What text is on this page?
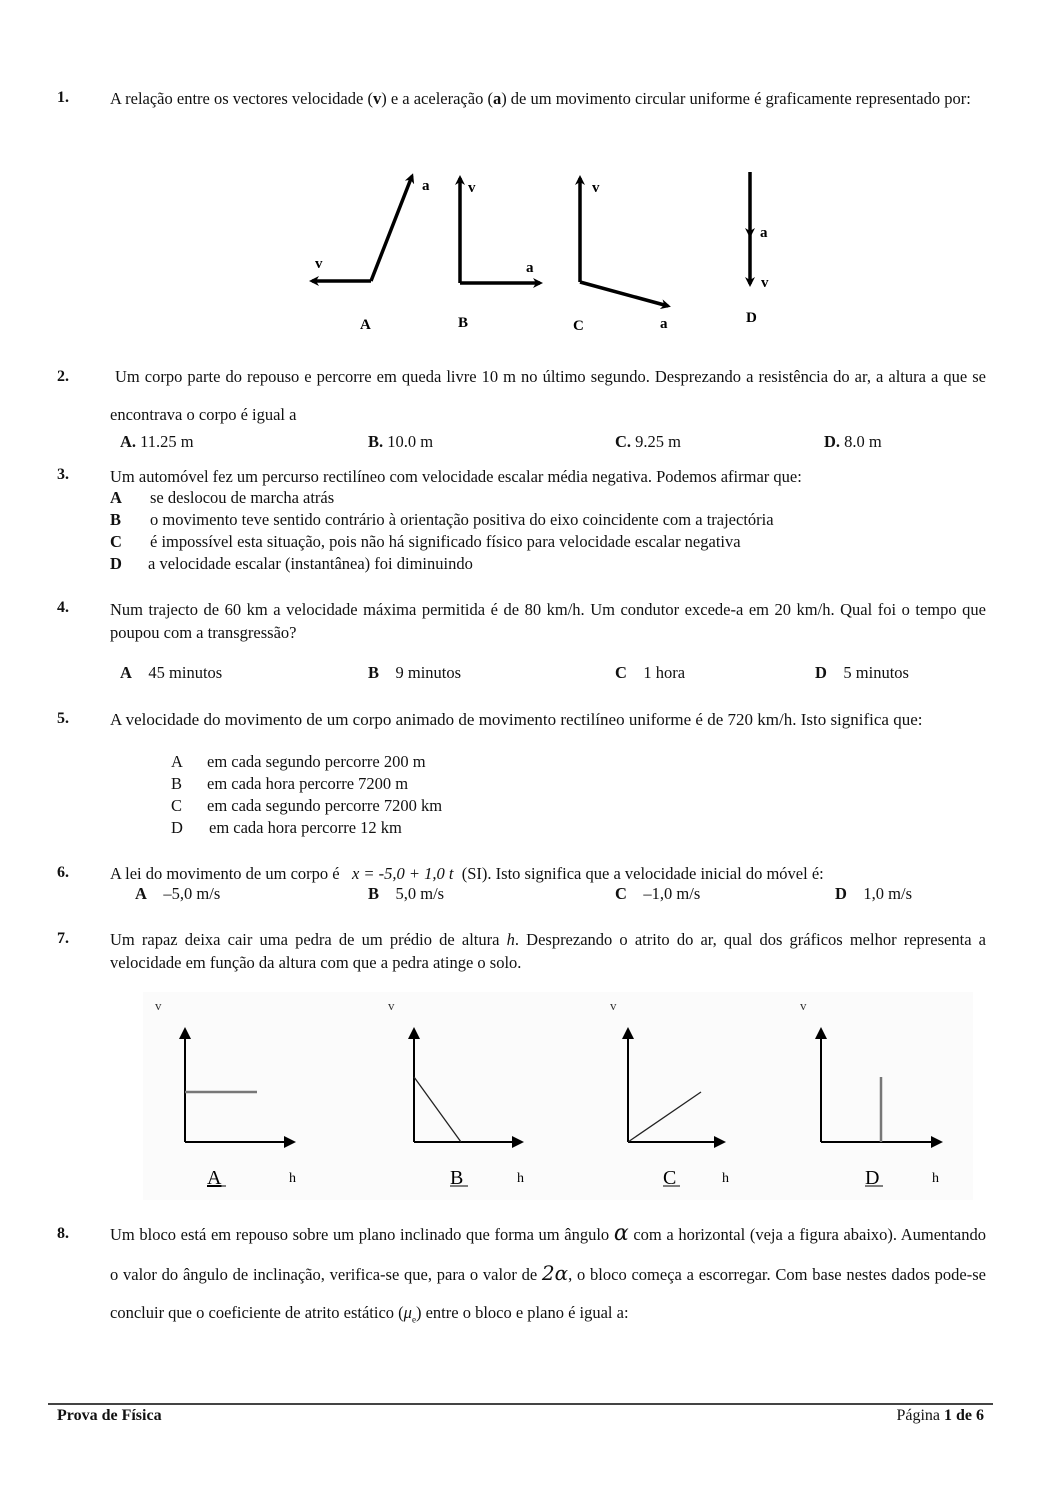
1. A relação entre os vectores velocidade (v) e a aceleração (a) de um movimento circular uniforme é graficamente representado por:
v
a
A
v
a
B
v
a
C
a
v
D
2.	Um corpo parte do repouso e percorre em queda livre 10 m no último segundo. Desprezando a resistência do ar, a altura a que se encontrava o corpo é igual a
A. 11.25 m	B. 10.0 m	C. 9.25 m	D. 8.0 m
3. Um automóvel fez um percurso rectilíneo com velocidade escalar média negativa. Podemos afirmar que:
A se deslocou de marcha atrás
B o movimento teve sentido contrário à orientação positiva do eixo coincidente com a trajectória
C é impossível esta situação, pois não há significado físico para velocidade escalar negativa
D a velocidade escalar (instantânea) foi diminuindo
4. Num trajecto de 60 km a velocidade máxima permitida é de 80 km/h. Um condutor excede-a em 20 km/h. Qual foi o tempo que poupou com a transgressão?
A 45 minutos	B 9 minutos	C 1 hora	D 5 minutos
5. A velocidade do movimento de um corpo animado de movimento rectilíneo uniforme é de 720 km/h. Isto significa que:
A em cada segundo percorre 200 m
B em cada hora percorre 7200 m
C em cada segundo percorre 7200 km
D em cada hora percorre 12 km
6. A lei do movimento de um corpo é x = -5,0 + 1,0 t (SI). Isto significa que a velocidade inicial do móvel é:
A –5,0 m/s	B 5,0 m/s	C –1,0 m/s	D 1,0 m/s
7. Um rapaz deixa cair uma pedra de um prédio de altura h. Desprezando o atrito do ar, qual dos gráficos melhor representa a velocidade em função da altura com que a pedra atinge o solo.
v
A	h
v
B	h
v
C	h
v
D	h
8. Um bloco está em repouso sobre um plano inclinado que forma um ângulo α com a horizontal (veja a figura abaixo). Aumentando o valor do ângulo de inclinação, verifica-se que, para o valor de 2α, o bloco começa a escorregar. Com base nestes dados pode-se concluir que o coeficiente de atrito estático $(\mu_e)$ entre o bloco e plano é igual a:
Prova de Física	Página 1 de 6
